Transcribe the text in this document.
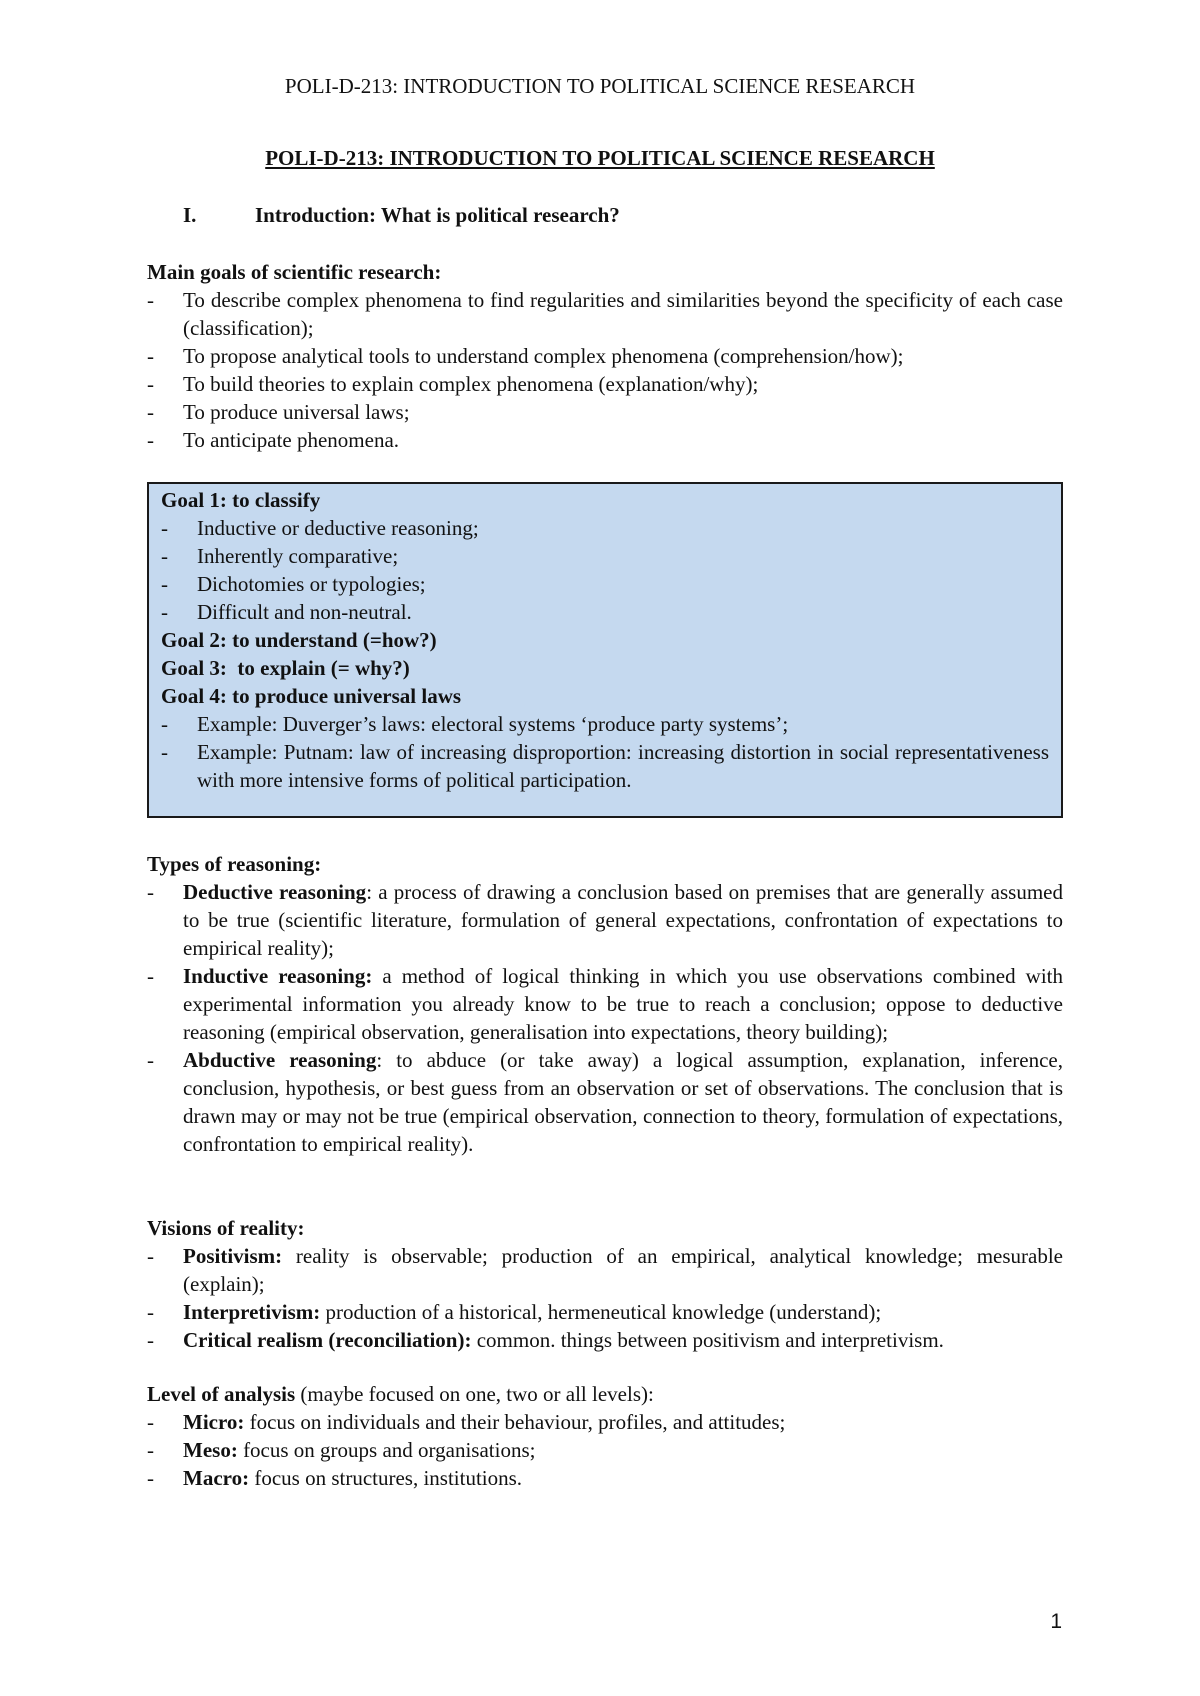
POLI-D-213: INTRODUCTION TO POLITICAL SCIENCE RESEARCH
POLI-D-213: INTRODUCTION TO POLITICAL SCIENCE RESEARCH
I.	Introduction: What is political research?
Main goals of scientific research:
- To describe complex phenomena to find regularities and similarities beyond the specificity of each case (classification);
- To propose analytical tools to understand complex phenomena (comprehension/how);
- To build theories to explain complex phenomena (explanation/why);
- To produce universal laws;
- To anticipate phenomena.
Goal 1: to classify
- Inductive or deductive reasoning;
- Inherently comparative;
- Dichotomies or typologies;
- Difficult and non-neutral.
Goal 2: to understand (=how?)
Goal 3:  to explain (= why?)
Goal 4: to produce universal laws
- Example: Duverger’s laws: electoral systems ‘produce party systems’;
- Example: Putnam: law of increasing disproportion: increasing distortion in social representativeness with more intensive forms of political participation.
Types of reasoning:
- Deductive reasoning: a process of drawing a conclusion based on premises that are generally assumed to be true (scientific literature, formulation of general expectations, confrontation of expectations to empirical reality);
- Inductive reasoning: a method of logical thinking in which you use observations combined with experimental information you already know to be true to reach a conclusion; oppose to deductive reasoning (empirical observation, generalisation into expectations, theory building);
- Abductive reasoning: to abduce (or take away) a logical assumption, explanation, inference, conclusion, hypothesis, or best guess from an observation or set of observations. The conclusion that is drawn may or may not be true (empirical observation, connection to theory, formulation of expectations, confrontation to empirical reality).
Visions of reality:
- Positivism: reality is observable; production of an empirical, analytical knowledge; mesurable (explain);
- Interpretivism: production of a historical, hermeneutical knowledge (understand);
- Critical realism (reconciliation): common. things between positivism and interpretivism.
Level of analysis (maybe focused on one, two or all levels):
- Micro: focus on individuals and their behaviour, profiles, and attitudes;
- Meso: focus on groups and organisations;
- Macro: focus on structures, institutions.
1
